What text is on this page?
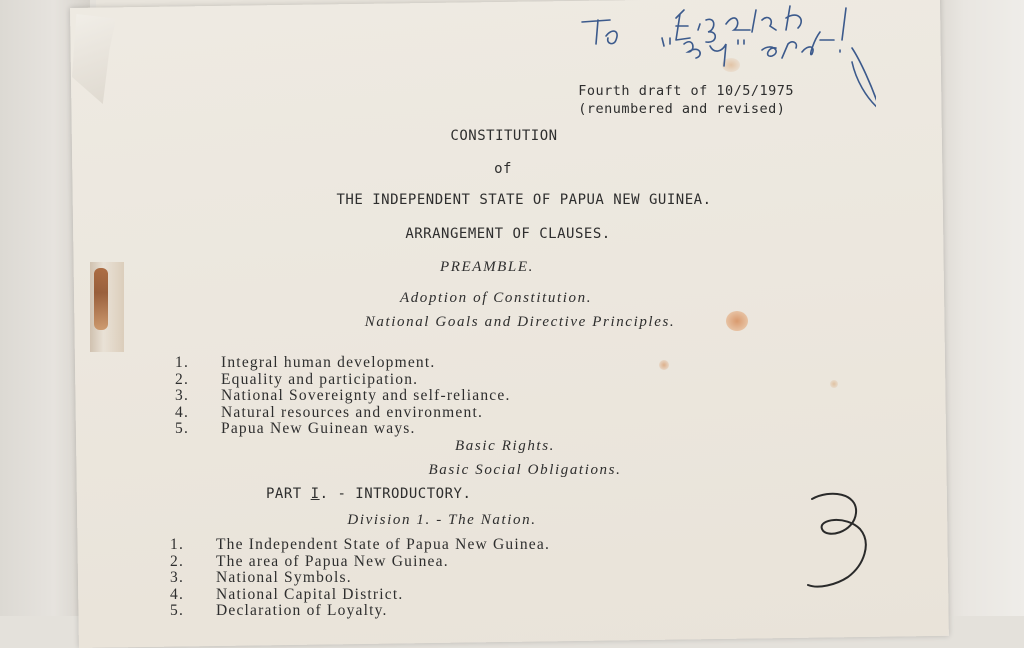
Fourth draft of 10/5/1975
(renumbered and revised)
CONSTITUTION
of
THE INDEPENDENT STATE OF PAPUA NEW GUINEA.
ARRANGEMENT OF CLAUSES.
PREAMBLE.
Adoption of Constitution.
National Goals and Directive Principles.
1. Integral human development.
2. Equality and participation.
3. National Sovereignty and self-reliance.
4. Natural resources and environment.
5. Papua New Guinean ways.
Basic Rights.
Basic Social Obligations.
PART I. - INTRODUCTORY.
Division 1. - The Nation.
1. The Independent State of Papua New Guinea.
2. The area of Papua New Guinea.
3. National Symbols.
4. National Capital District.
5. Declaration of Loyalty.
